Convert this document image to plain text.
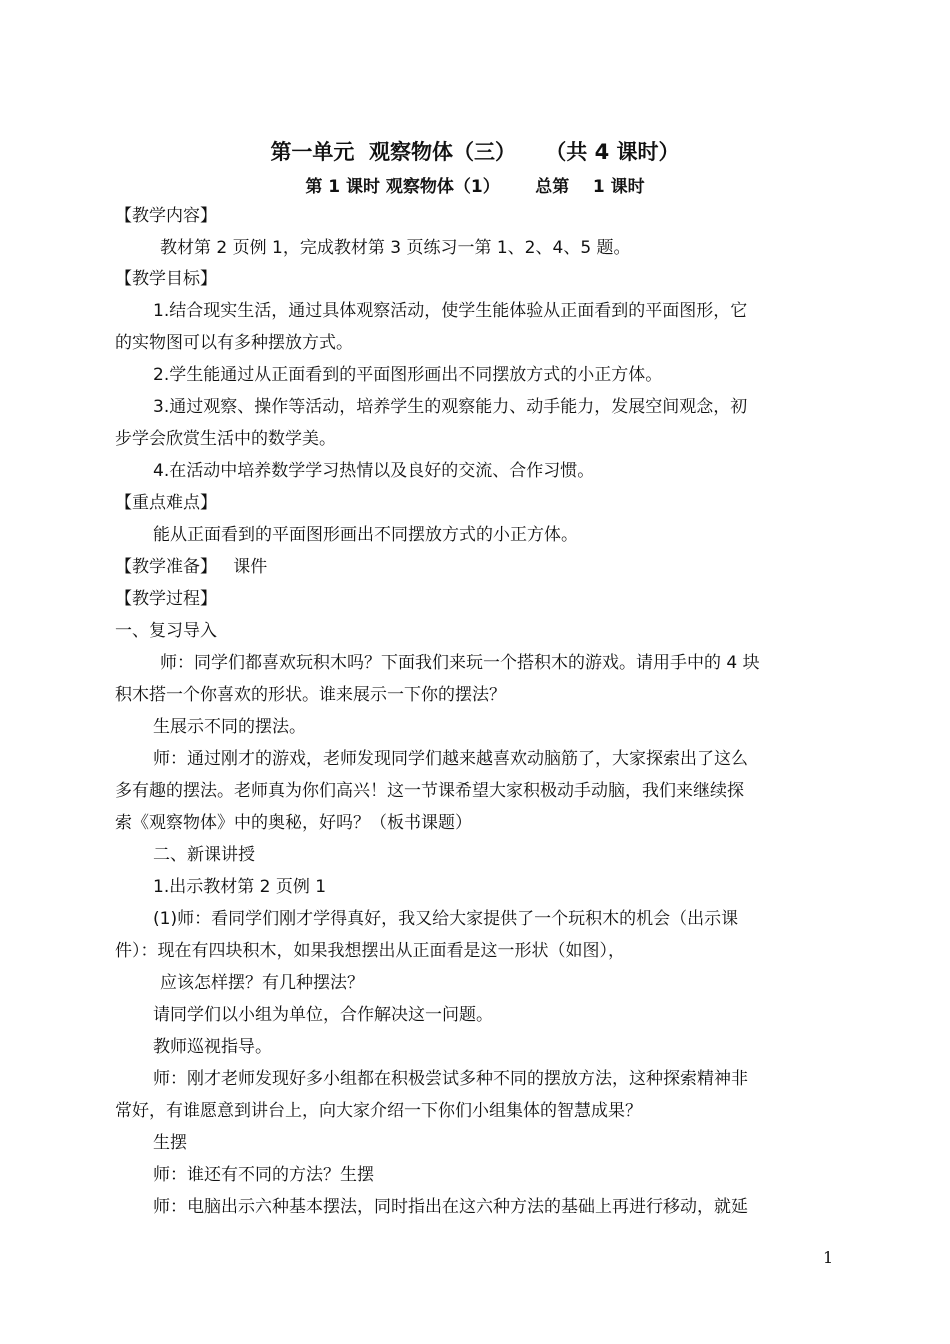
第一单元  观察物体（三）    （共 4 课时）
第 1 课时 观察物体（1）      总第    1 课时
【教学内容】
教材第 2 页例 1，完成教材第 3 页练习一第 1、2、4、5 题。
【教学目标】
1.结合现实生活，通过具体观察活动，使学生能体验从正面看到的平面图形，它
的实物图可以有多种摆放方式。
2.学生能通过从正面看到的平面图形画出不同摆放方式的小正方体。
3.通过观察、操作等活动，培养学生的观察能力、动手能力，发展空间观念，初
步学会欣赏生活中的数学美。
4.在活动中培养数学学习热情以及良好的交流、合作习惯。
【重点难点】
能从正面看到的平面图形画出不同摆放方式的小正方体。
【教学准备】   课件
【教学过程】
一、复习导入
师：同学们都喜欢玩积木吗？下面我们来玩一个搭积木的游戏。请用手中的 4 块
积木搭一个你喜欢的形状。谁来展示一下你的摆法？
生展示不同的摆法。
师：通过刚才的游戏，老师发现同学们越来越喜欢动脑筋了，大家探索出了这么
多有趣的摆法。老师真为你们高兴！这一节课希望大家积极动手动脑，我们来继续探
索《观察物体》中的奥秘，好吗？（板书课题）
二、新课讲授
1.出示教材第 2 页例 1
(1)师：看同学们刚才学得真好，我又给大家提供了一个玩积木的机会（出示课
件）：现在有四块积木，如果我想摆出从正面看是这一形状（如图），
应该怎样摆？有几种摆法？
请同学们以小组为单位，合作解决这一问题。
教师巡视指导。
师：刚才老师发现好多小组都在积极尝试多种不同的摆放方法，这种探索精神非
常好，有谁愿意到讲台上，向大家介绍一下你们小组集体的智慧成果？
生摆
师：谁还有不同的方法？生摆
师：电脑出示六种基本摆法，同时指出在这六种方法的基础上再进行移动，就延
1
